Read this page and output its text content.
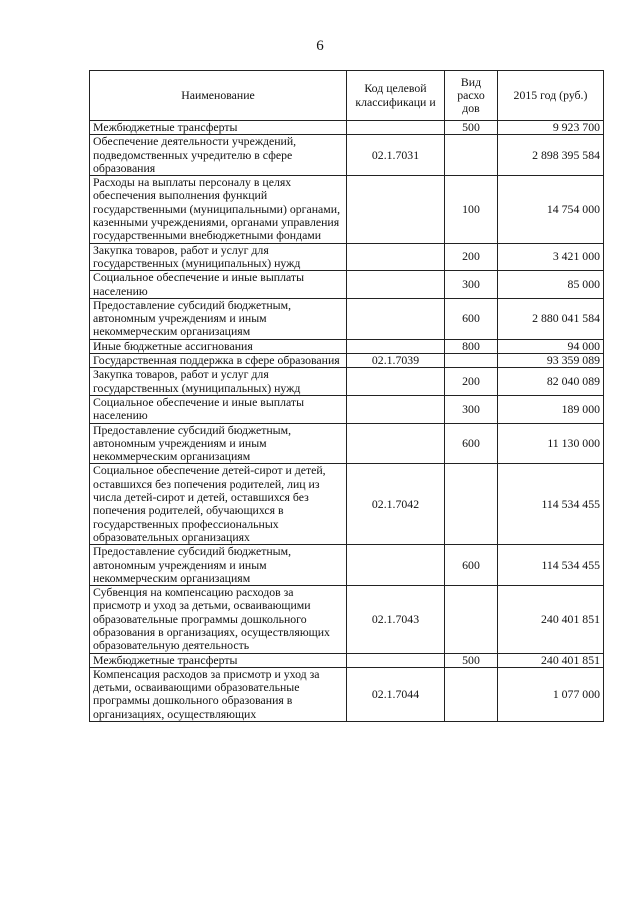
6
Наименование	Код целевой классификаци и	Вид расхо дов	2015 год (руб.)
Межбюджетные трансферты		500	9 923 700
Обеспечение деятельности учреждений, подведомственных учредителю в сфере образования	02.1.7031		2 898 395 584
Расходы на выплаты персоналу в целях обеспечения выполнения функций государственными (муниципальными) органами, казенными учреждениями, органами управления государственными внебюджетными фондами		100	14 754 000
Закупка товаров, работ и услуг для государственных (муниципальных) нужд		200	3 421 000
Социальное обеспечение и иные выплаты населению		300	85 000
Предоставление субсидий бюджетным, автономным учреждениям и иным некоммерческим организациям		600	2 880 041 584
Иные бюджетные ассигнования		800	94 000
Государственная поддержка в сфере образования	02.1.7039		93 359 089
Закупка товаров, работ и услуг для государственных (муниципальных) нужд		200	82 040 089
Социальное обеспечение и иные выплаты населению		300	189 000
Предоставление субсидий бюджетным, автономным учреждениям и иным некоммерческим организациям		600	11 130 000
Социальное обеспечение детей-сирот и детей, оставшихся без попечения родителей, лиц из числа детей-сирот и детей, оставшихся без попечения родителей, обучающихся в государственных профессиональных образовательных организациях	02.1.7042		114 534 455
Предоставление субсидий бюджетным, автономным учреждениям и иным некоммерческим организациям		600	114 534 455
Субвенция на компенсацию расходов за присмотр и уход за детьми, осваивающими образовательные программы дошкольного образования в организациях, осуществляющих образовательную деятельность	02.1.7043		240 401 851
Межбюджетные трансферты		500	240 401 851
Компенсация расходов за присмотр и уход за детьми, осваивающими образовательные программы дошкольного образования в организациях, осуществляющих	02.1.7044		1 077 000
